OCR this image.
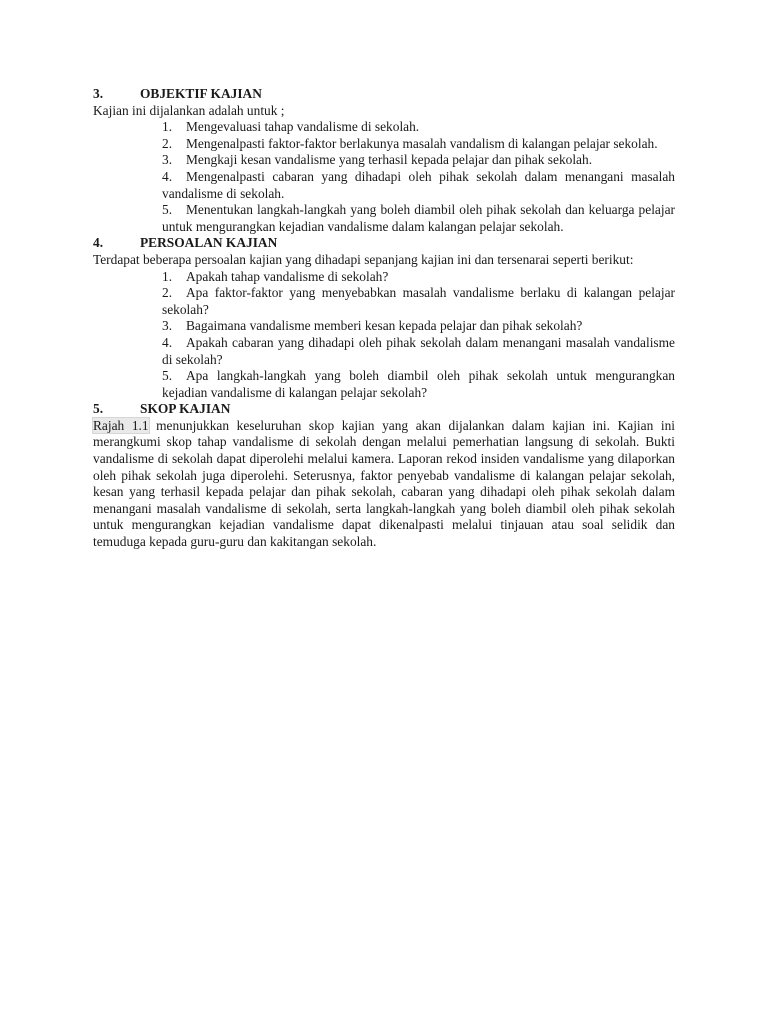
3.	OBJEKTIF KAJIAN
Kajian ini dijalankan adalah untuk ;
1. Mengevaluasi tahap vandalisme di sekolah.
2. Mengenalpasti faktor-faktor berlakunya masalah vandalism di kalangan pelajar sekolah.
3. Mengkaji kesan vandalisme yang terhasil kepada pelajar dan pihak sekolah.
4. Mengenalpasti cabaran yang dihadapi oleh pihak sekolah dalam menangani masalah vandalisme di sekolah.
5. Menentukan langkah-langkah yang boleh diambil oleh pihak sekolah dan keluarga pelajar untuk mengurangkan kejadian vandalisme dalam kalangan pelajar sekolah.
4.	PERSOALAN KAJIAN
Terdapat beberapa persoalan kajian yang dihadapi sepanjang kajian ini dan tersenarai seperti berikut:
1. Apakah tahap vandalisme di sekolah?
2. Apa faktor-faktor yang menyebabkan masalah vandalisme berlaku di kalangan pelajar sekolah?
3. Bagaimana vandalisme memberi kesan kepada pelajar dan pihak sekolah?
4. Apakah cabaran yang dihadapi oleh pihak sekolah dalam menangani masalah vandalisme di sekolah?
5. Apa langkah-langkah yang boleh diambil oleh pihak sekolah untuk mengurangkan kejadian vandalisme di kalangan pelajar sekolah?
5.	SKOP KAJIAN
Rajah 1.1 menunjukkan keseluruhan skop kajian yang akan dijalankan dalam kajian ini. Kajian ini merangkumi skop tahap vandalisme di sekolah dengan melalui pemerhatian langsung di sekolah. Bukti vandalisme di sekolah dapat diperolehi melalui kamera. Laporan rekod insiden vandalisme yang dilaporkan oleh pihak sekolah juga diperolehi. Seterusnya, faktor penyebab vandalisme di kalangan pelajar sekolah, kesan yang terhasil kepada pelajar dan pihak sekolah, cabaran yang dihadapi oleh pihak sekolah dalam menangani masalah vandalisme di sekolah, serta langkah-langkah yang boleh diambil oleh pihak sekolah untuk mengurangkan kejadian vandalisme dapat dikenalpasti melalui tinjauan atau soal selidik dan temuduga kepada guru-guru dan kakitangan sekolah.
